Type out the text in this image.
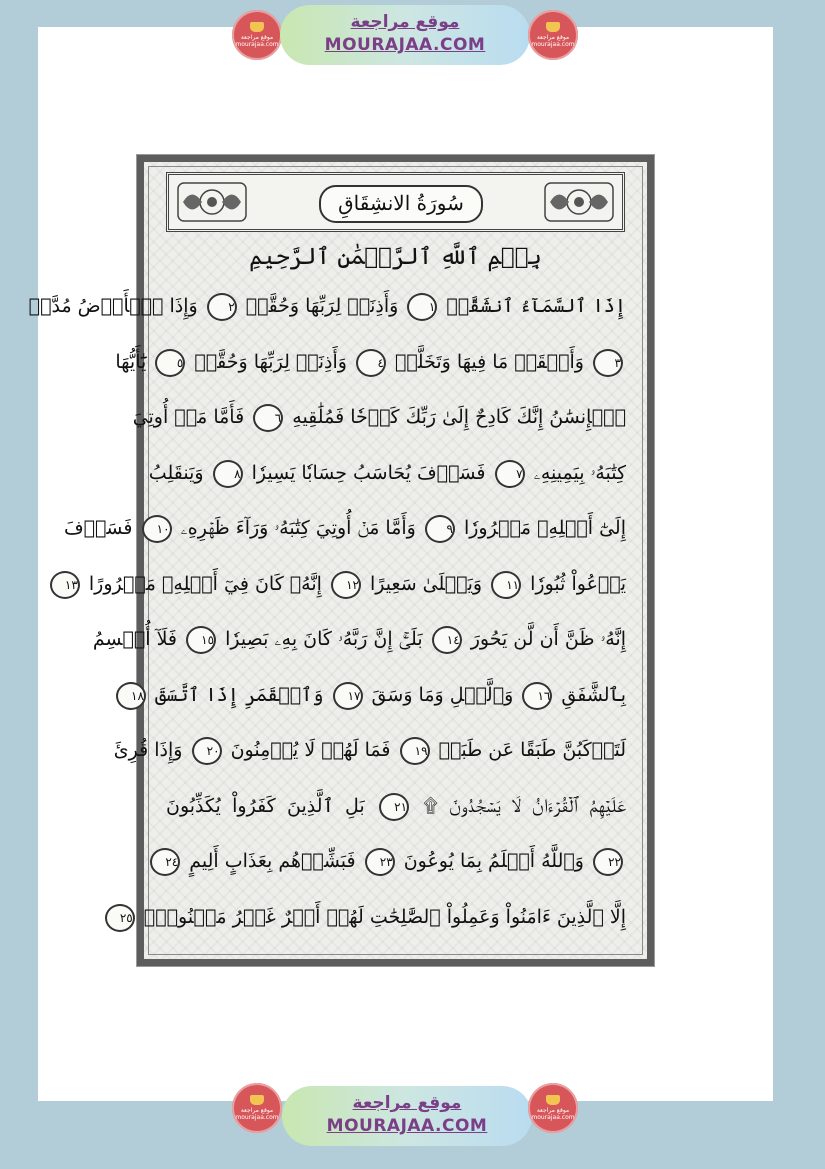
موقع مراجعة mourajaa.com
موقع مراجعة
MOURAJAA.COM	موقع مراجعة mourajaa.com
سُورَةُ الانشِقَاقِ
بِسۡمِ ٱللَّهِ ٱلرَّحۡمَٰنِ ٱلرَّحِيمِ
إِذَا ٱلسَّمَآءُ ٱنشَقَّتۡ ١ وَأَذِنَتۡ لِرَبِّهَا وَحُقَّتۡ ٢ وَإِذَا ٱلۡأَرۡضُ مُدَّتۡ
٣ وَأَلۡقَتۡ مَا فِيهَا وَتَخَلَّتۡ ٤ وَأَذِنَتۡ لِرَبِّهَا وَحُقَّتۡ ٥ يَٰٓأَيُّهَا
ٱلۡإِنسَٰنُ إِنَّكَ كَادِحٌ إِلَىٰ رَبِّكَ كَدۡحٗا فَمُلَٰقِيهِ ٦ فَأَمَّا مَنۡ أُوتِيَ
كِتَٰبَهُۥ بِيَمِينِهِۦ ٧ فَسَوۡفَ يُحَاسَبُ حِسَابٗا يَسِيرٗا ٨ وَيَنقَلِبُ
إِلَىٰٓ أَهۡلِهِۦ مَسۡرُورٗا ٩ وَأَمَّا مَنۡ أُوتِيَ كِتَٰبَهُۥ وَرَآءَ ظَهۡرِهِۦ ١٠ فَسَوۡفَ
يَدۡعُواْ ثُبُورٗا ١١ وَيَصۡلَىٰ سَعِيرًا ١٢ إِنَّهُۥ كَانَ فِيٓ أَهۡلِهِۦ مَسۡرُورًا ١٣
إِنَّهُۥ ظَنَّ أَن لَّن يَحُورَ ١٤ بَلَىٰٓۚ إِنَّ رَبَّهُۥ كَانَ بِهِۦ بَصِيرٗا ١٥ فَلَآ أُقۡسِمُ
بِٱلشَّفَقِ ١٦ وَٱلَّيۡلِ وَمَا وَسَقَ ١٧ وَٱلۡقَمَرِ إِذَا ٱتَّسَقَ ١٨
لَتَرۡكَبُنَّ طَبَقًا عَن طَبَقٖ ١٩ فَمَا لَهُمۡ لَا يُؤۡمِنُونَ ٢٠ وَإِذَا قُرِئَ
عَلَيۡهِمُ ٱلۡقُرۡءَانُ لَا يَسۡجُدُونَۤ ۩ ٢١ بَلِ ٱلَّذِينَ كَفَرُواْ يُكَذِّبُونَ
٢٢ وَٱللَّهُ أَعۡلَمُ بِمَا يُوعُونَ ٢٣ فَبَشِّرۡهُم بِعَذَابٍ أَلِيمٍ ٢٤
إِلَّا ٱلَّذِينَ ءَامَنُواْ وَعَمِلُواْ ٱلصَّٰلِحَٰتِ لَهُمۡ أَجۡرٌ غَيۡرُ مَمۡنُونِۭ ٢٥
موقع مراجعة mourajaa.com
موقع مراجعة
MOURAJAA.COM
موقع مراجعة mourajaa.com
